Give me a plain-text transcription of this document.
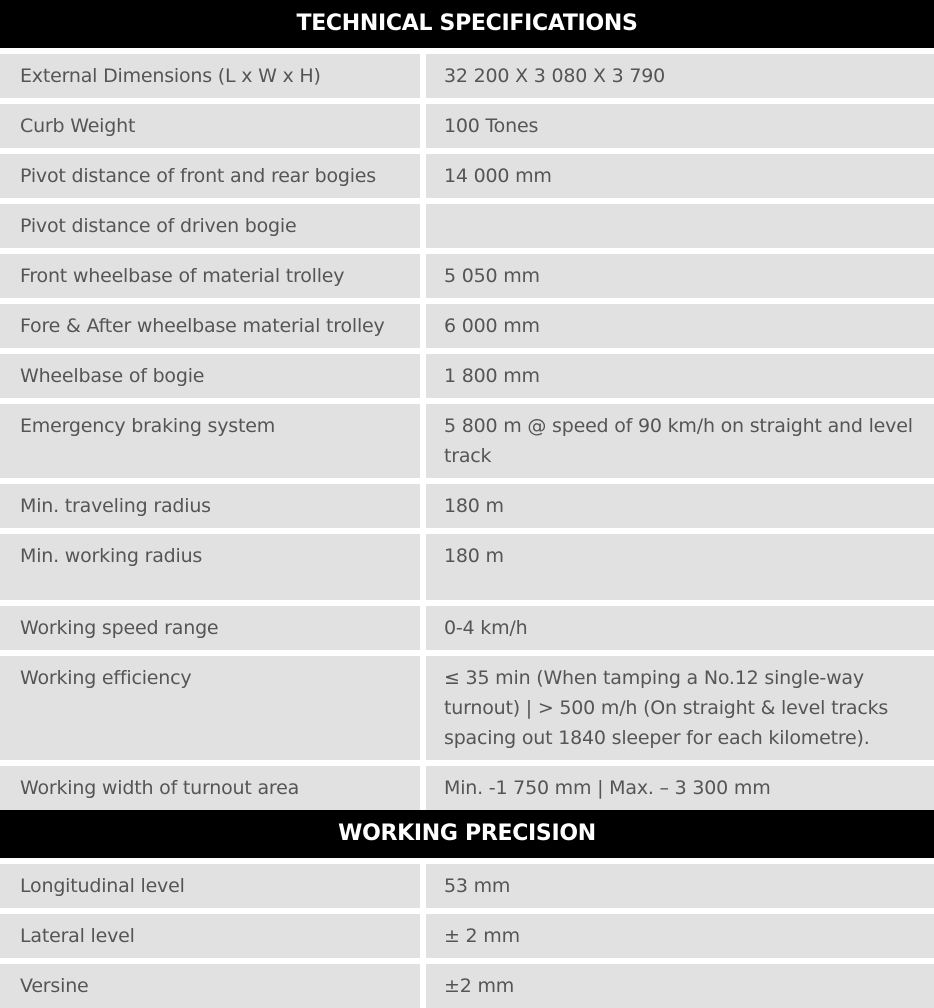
TECHNICAL SPECIFICATIONS
External Dimensions (L x W x H)	32 200 X 3 080 X 3 790
Curb Weight	100 Tones
Pivot distance of front and rear bogies	14 000 mm
Pivot distance of driven bogie
Front wheelbase of material trolley	5 050 mm
Fore & After wheelbase material trolley	6 000 mm
Wheelbase of bogie	1 800 mm
Emergency braking system	5 800 m @ speed of 90 km/h on straight and level track
Min. traveling radius	180 m
Min. working radius	180 m
Working speed range	0-4 km/h
Working efficiency	≤ 35 min (When tamping a No.12 single-way turnout) | > 500 m/h (On straight & level tracks spacing out 1840 sleeper for each kilometre).
Working width of turnout area	Min. -1 750 mm | Max. – 3 300 mm
WORKING PRECISION
Longitudinal level	53 mm
Lateral level	± 2 mm
Versine	±2 mm
